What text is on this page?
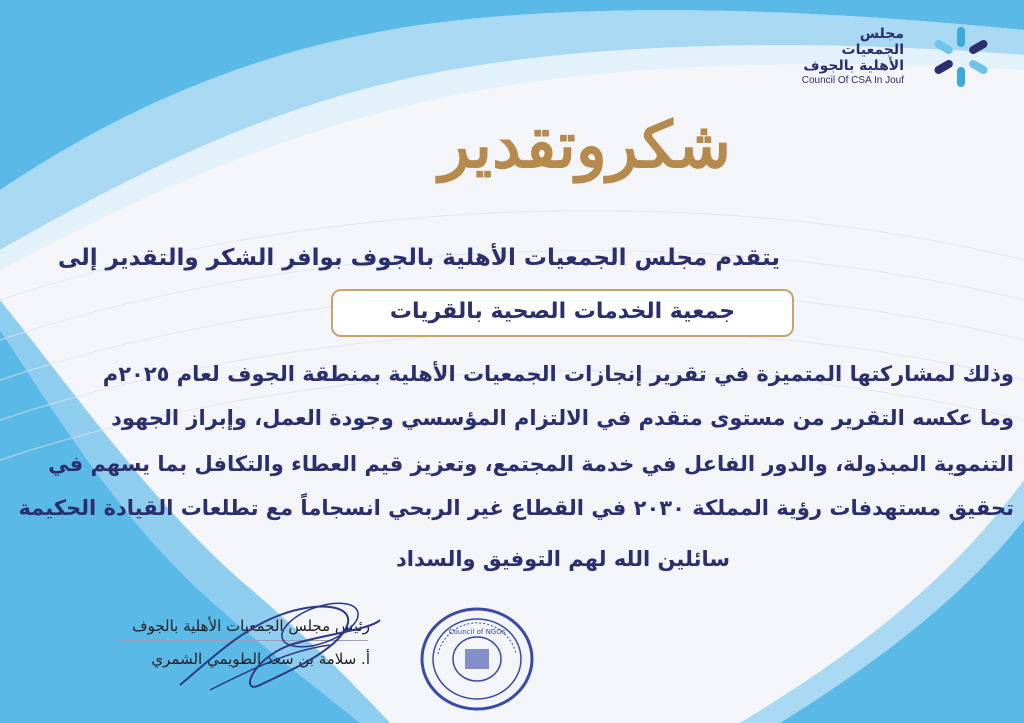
مجلس الجمعيات
الأهلية بالجوف
Council Of CSA In Jouf
شكروتقدير
يتقدم مجلس الجمعيات الأهلية بالجوف بوافر الشكر والتقدير إلى
جمعية الخدمات الصحية بالقريات
وذلك لمشاركتها المتميزة في تقرير إنجازات الجمعيات الأهلية بمنطقة الجوف لعام ٢٠٢٥م
وما عكسه التقرير من مستوى متقدم في الالتزام المؤسسي وجودة العمل، وإبراز الجهود
التنموية المبذولة، والدور الفاعل في خدمة المجتمع، وتعزيز قيم العطاء والتكافل بما يسهم في
تحقيق مستهدفات رؤية المملكة ٢٠٣٠ في القطاع غير الربحي انسجاماً مع تطلعات القيادة الحكيمة
سائلين الله لهم التوفيق والسداد
رئيس مجلس الجمعيات الأهلية بالجوف
أ. سلامة بن سعد الطويمي الشمري
Council of NGOs
